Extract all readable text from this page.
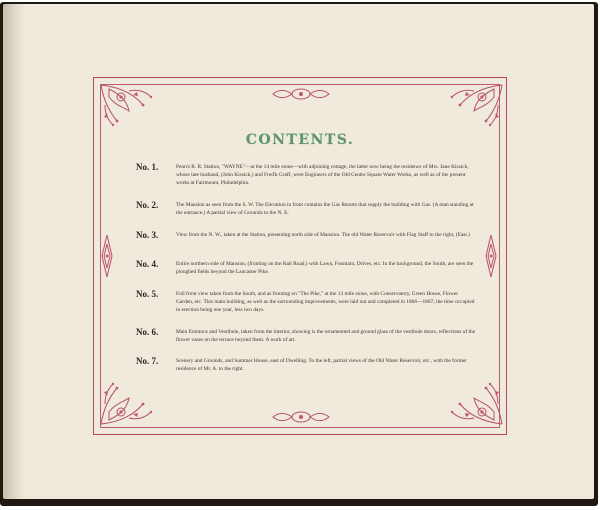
CONTENTS.
No. 1.	Penn's R. R. Station, "WAYNE"—at the 14 mile stone—with adjoining cottage, the latter now being the residence of Mrs. Jane Kissick, whose late husband, (John Kissick,) and Fred'k Graff, were Engineers of the Old Centre Square Water Works, as well as of the present works at Fairmount, Philadelphia.
No. 2.	The Mansion as seen from the S. W. The Elevation in front contains the Gas Retorts that supply the building with Gas. (A man standing at the entrance.) A partial view of Grounds to the N. E.
No. 3.	View from the N. W., taken at the Station, presenting north side of Mansion. The old Water Reservoir with Flag Staff to the right, (East.)
No. 4.	Entire northern side of Mansion, (fronting on the Rail Road,) with Lawn, Fountain, Drives, etc. In the background, the South, are seen the ploughed fields beyond the Lancaster Pike.
No. 5.	Full front view taken from the South, and as fronting on "The Pike," at the 13 mile stone, with Conservatory, Green House, Flower Garden, etc. This main building, as well as the surrounding improvements, were laid out and completed in 1866—1867; the time occupied in erection being one year, less two days.
No. 6.	Main Entrance and Vestibule, taken from the interior, showing is the ornamented and ground glass of the vestibule doors, reflections of the flower vases on the terrace beyond them. A work of art.
No. 7.	Scenery and Grounds, and Summer House, east of Dwelling. To the left, partial views of the Old Water Reservoir, etc., with the former residence of Mr. A. to the right.
